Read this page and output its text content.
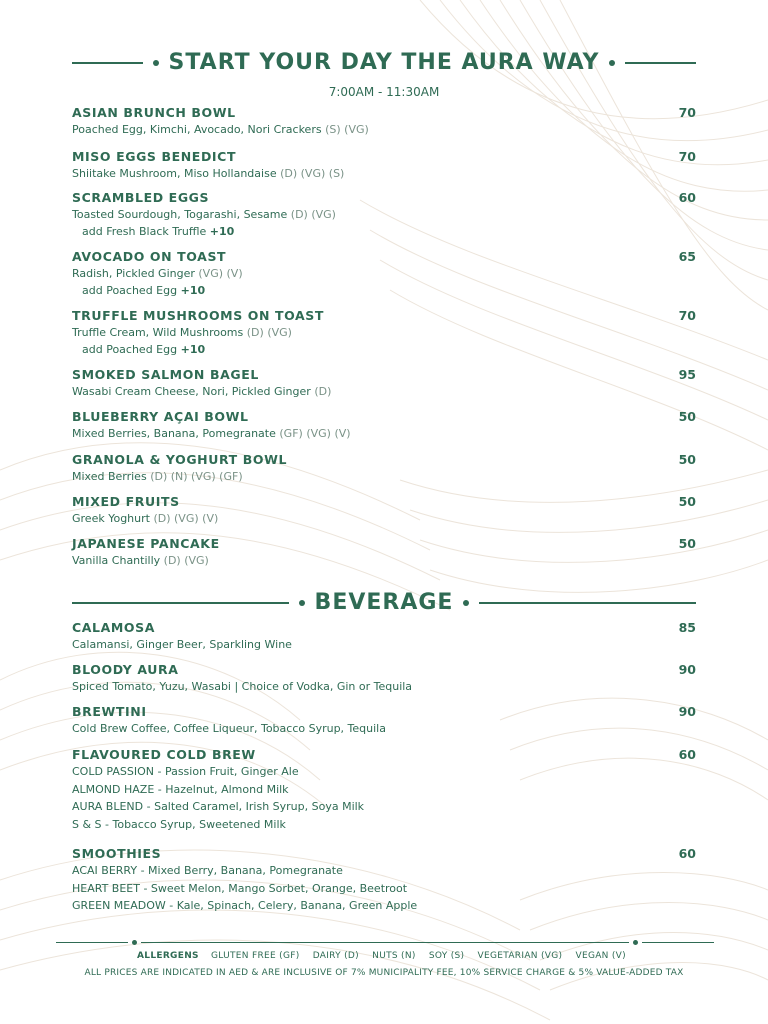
START YOUR DAY THE AURA WAY
7:00AM - 11:30AM
ASIAN BRUNCH BOWL	70
Poached Egg, Kimchi, Avocado, Nori Crackers (S) (VG)
MISO EGGS BENEDICT	70
Shiitake Mushroom, Miso Hollandaise (D) (VG) (S)
SCRAMBLED EGGS	60
Toasted Sourdough, Togarashi, Sesame (D) (VG)
add Fresh Black Truffle +10
AVOCADO ON TOAST	65
Radish, Pickled Ginger (VG) (V)
add Poached Egg +10
TRUFFLE MUSHROOMS ON TOAST	70
Truffle Cream, Wild Mushrooms (D) (VG)
add Poached Egg +10
SMOKED SALMON BAGEL	95
Wasabi Cream Cheese, Nori, Pickled Ginger (D)
BLUEBERRY AÇAI BOWL	50
Mixed Berries, Banana, Pomegranate (GF) (VG) (V)
GRANOLA & YOGHURT BOWL	50
Mixed Berries (D) (N) (VG) (GF)
MIXED FRUITS	50
Greek Yoghurt (D) (VG) (V)
JAPANESE PANCAKE	50
Vanilla Chantilly (D) (VG)
BEVERAGE
CALAMOSA	85
Calamansi, Ginger Beer, Sparkling Wine
BLOODY AURA	90
Spiced Tomato, Yuzu, Wasabi | Choice of Vodka, Gin or Tequila
BREWTINI	90
Cold Brew Coffee, Coffee Liqueur, Tobacco Syrup, Tequila
FLAVOURED COLD BREW	60
COLD PASSION - Passion Fruit, Ginger Ale
ALMOND HAZE - Hazelnut, Almond Milk
AURA BLEND - Salted Caramel, Irish Syrup, Soya Milk
S & S - Tobacco Syrup, Sweetened Milk
SMOOTHIES	60
ACAI BERRY - Mixed Berry, Banana, Pomegranate
HEART BEET - Sweet Melon, Mango Sorbet, Orange, Beetroot
GREEN MEADOW - Kale, Spinach, Celery, Banana, Green Apple
ALLERGENS GLUTEN FREE (GF) DAIRY (D) NUTS (N) SOY (S) VEGETARIAN (VG) VEGAN (V)
ALL PRICES ARE INDICATED IN AED & ARE INCLUSIVE OF 7% MUNICIPALITY FEE, 10% SERVICE CHARGE & 5% VALUE-ADDED TAX
